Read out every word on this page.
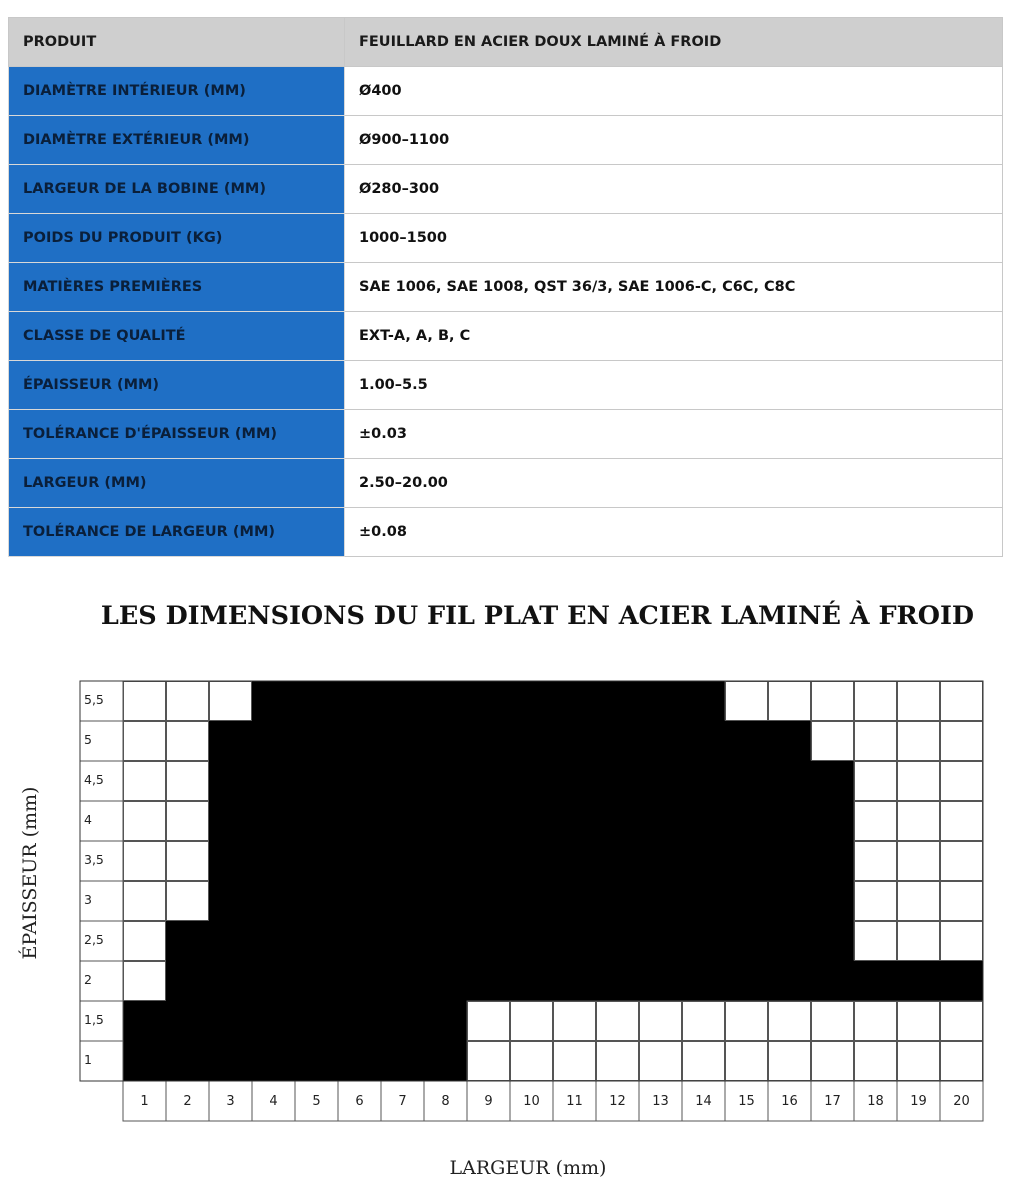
PRODUIT	FEUILLARD EN ACIER DOUX LAMINÉ À FROID
DIAMÈTRE INTÉRIEUR (MM)	Ø400
DIAMÈTRE EXTÉRIEUR (MM)	Ø900–1100
LARGEUR DE LA BOBINE (MM)	Ø280–300
POIDS DU PRODUIT (KG)	1000–1500
MATIÈRES PREMIÈRES	SAE 1006, SAE 1008, QST 36/3, SAE 1006-C, C6C, C8C
CLASSE DE QUALITÉ	EXT-A, A, B, C
ÉPAISSEUR (MM)	1.00–5.5
TOLÉRANCE D'ÉPAISSEUR (MM)	±0.03
LARGEUR (MM)	2.50–20.00
TOLÉRANCE DE LARGEUR (MM)	±0.08
LES DIMENSIONS DU FIL PLAT EN ACIER LAMINÉ À FROID
5,5
5
4,5
4
3,5
3
2,5
2
1,5
1
1	2	3	4	5	6	7	8	9 10 11 12 13 14 15 16 17 18 19 20
LARGEUR (mm)
ÉPAISSEUR (mm)
